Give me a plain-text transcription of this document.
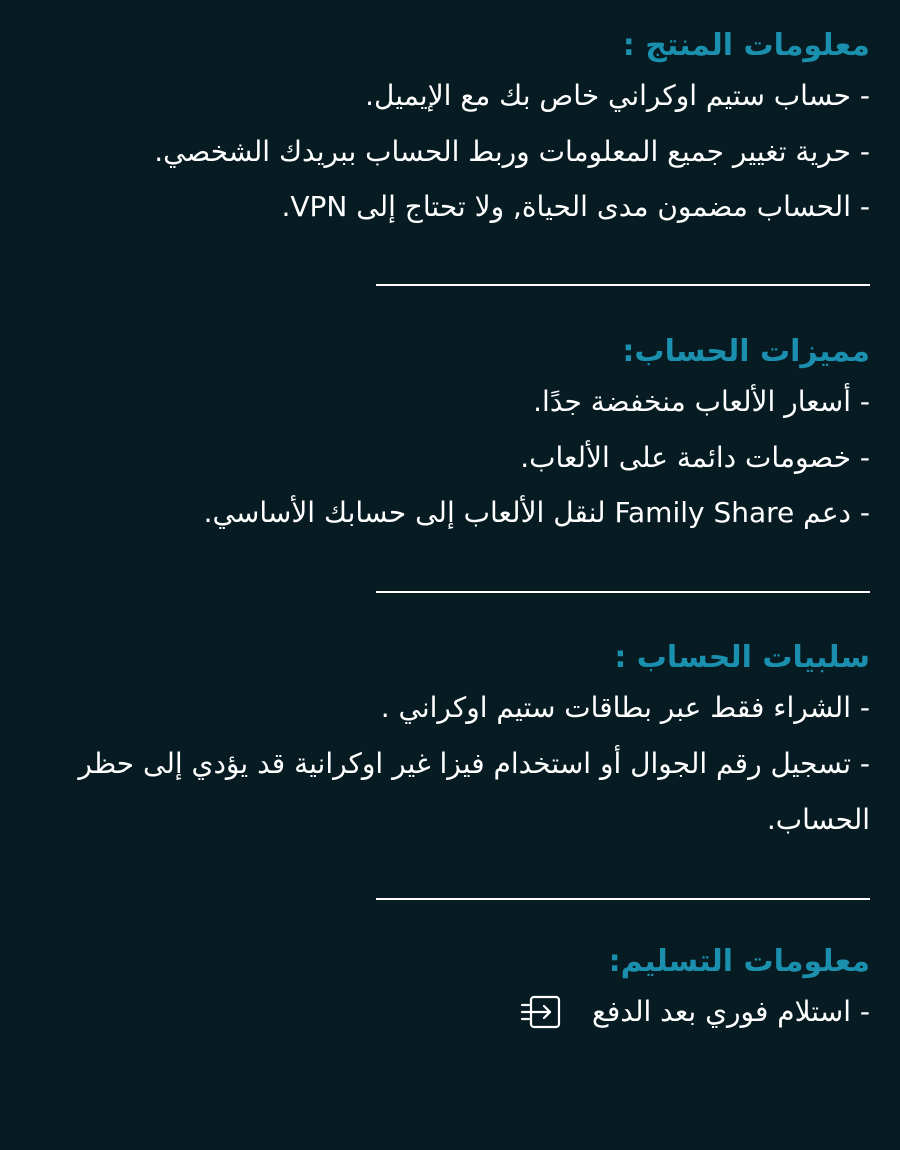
معلومات المنتج :

- حساب ستيم اوكراني خاص بك مع الإيميل.

- حرية تغيير جميع المعلومات وربط الحساب ببريدك الشخصي.

- الحساب مضمون مدى الحياة, ولا تحتاج إلى VPN.

مميزات الحساب:

- أسعار الألعاب منخفضة جدًا.

- خصومات دائمة على الألعاب.

- دعم Family Share لنقل الألعاب إلى حسابك الأساسي.

سلبيات الحساب :

- الشراء فقط عبر بطاقات ستيم اوكراني .

- تسجيل رقم الجوال أو استخدام فيزا غير اوكرانية قد يؤدي إلى حظر الحساب.

معلومات التسليم:

- استلام فوري بعد الدفع
